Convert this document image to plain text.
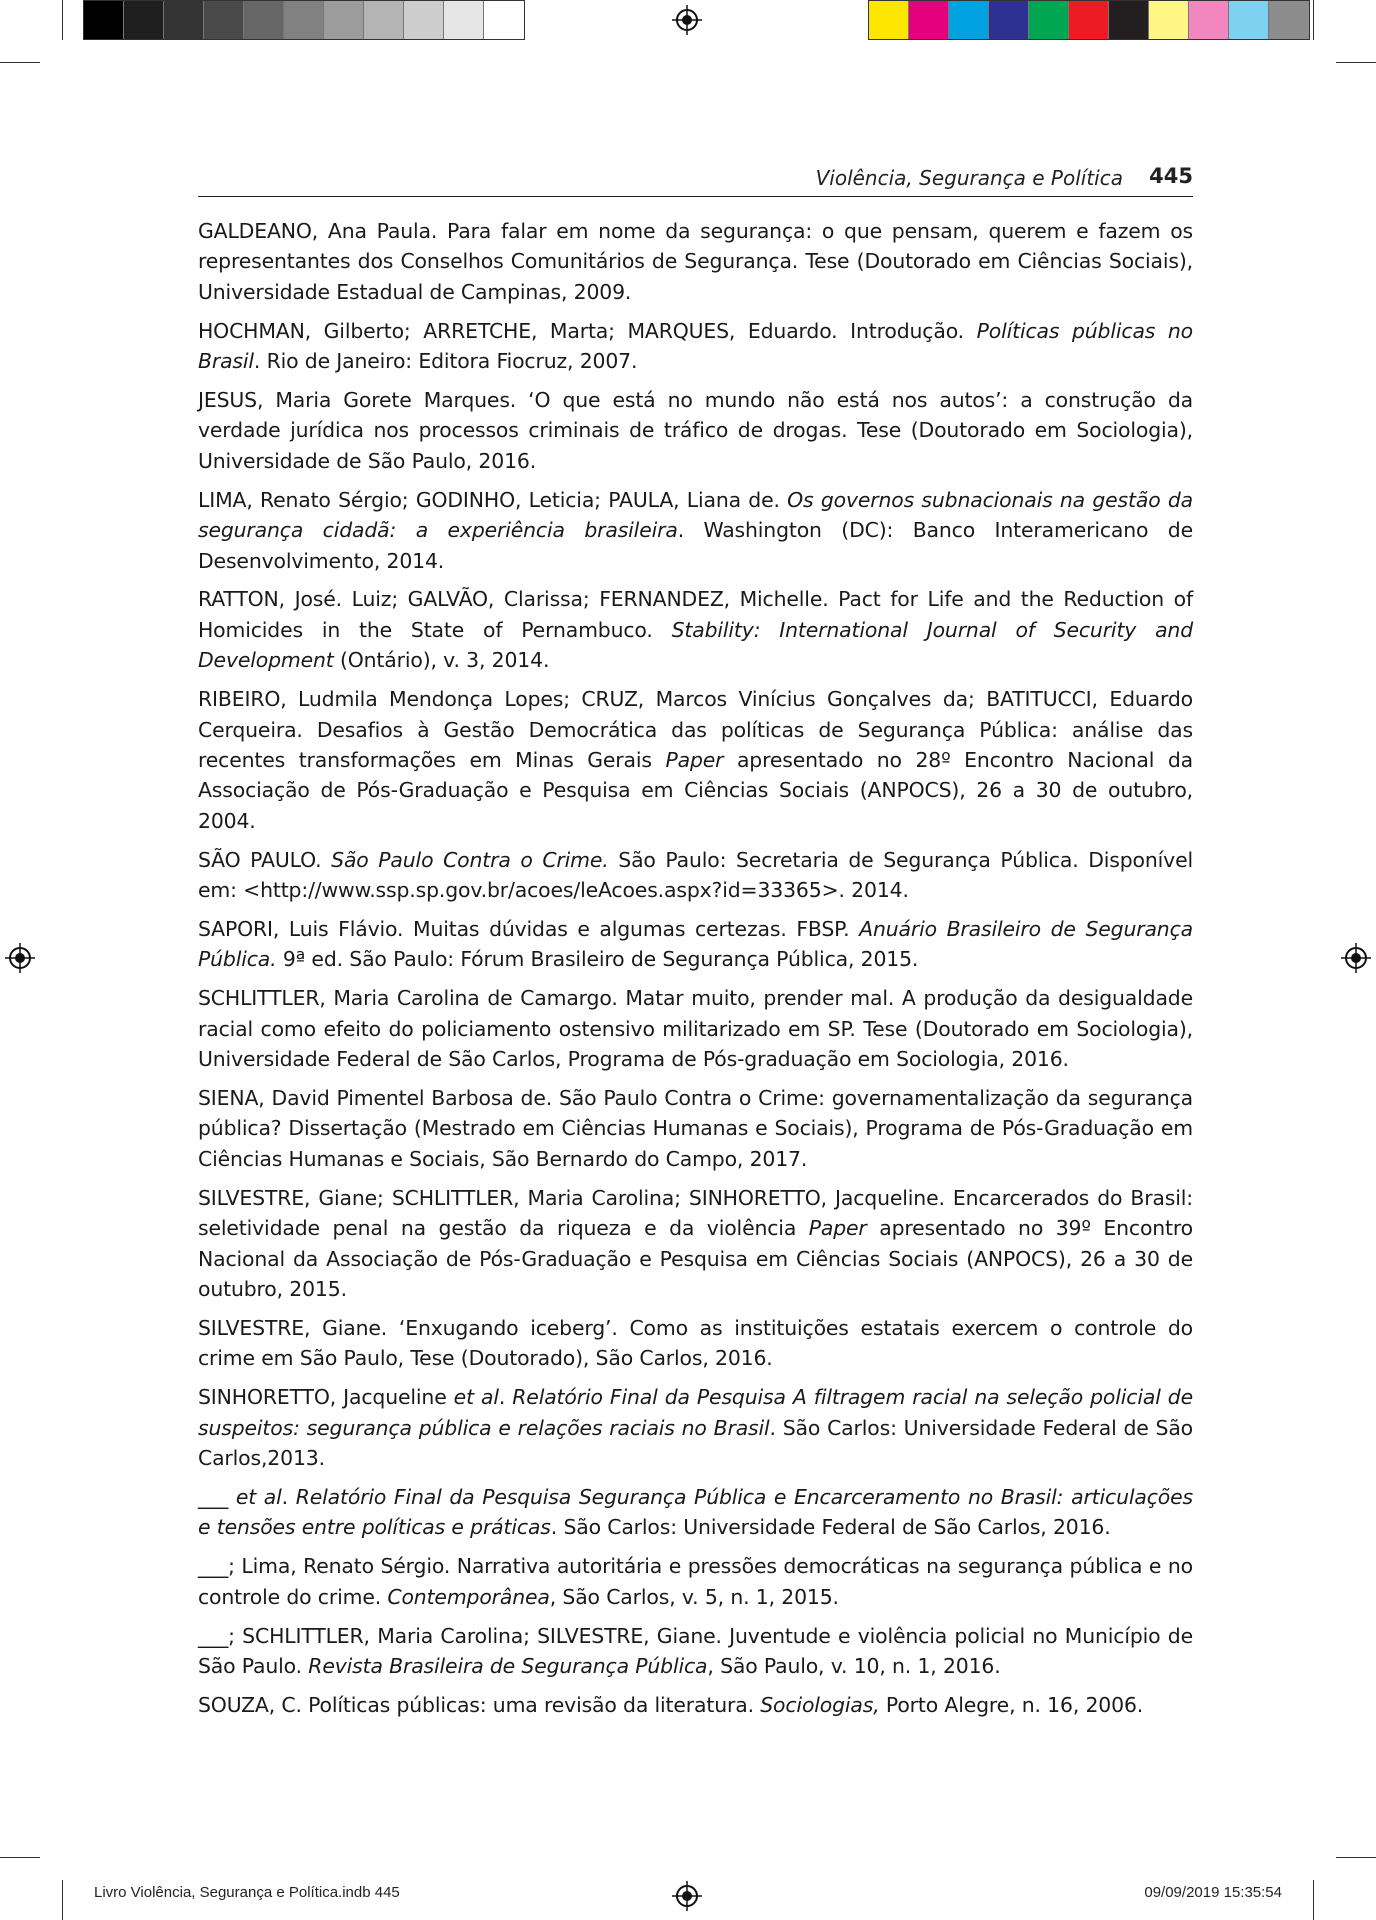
Violência, Segurança e Política 445

GALDEANO, Ana Paula. Para falar em nome da segurança: o que pensam, querem e fazem os representantes dos Conselhos Comunitários de Segurança. Tese (Doutorado em Ciências Sociais), Universidade Estadual de Campinas, 2009.

HOCHMAN, Gilberto; ARRETCHE, Marta; MARQUES, Eduardo. Introdução. Políticas públicas no Brasil. Rio de Janeiro: Editora Fiocruz, 2007.

JESUS, Maria Gorete Marques. ‘O que está no mundo não está nos autos’: a construção da verdade jurídica nos processos criminais de tráfico de drogas. Tese (Doutorado em Sociologia), Universidade de São Paulo, 2016.

LIMA, Renato Sérgio; GODINHO, Leticia; PAULA, Liana de. Os governos subnacionais na gestão da segurança cidadã: a experiência brasileira. Washington (DC): Banco Interamericano de Desenvolvimento, 2014.

RATTON, José. Luiz; GALVÃO, Clarissa; FERNANDEZ, Michelle. Pact for Life and the Reduction of Homicides in the State of Pernambuco. Stability: International Journal of Security and Development (Ontário), v. 3, 2014.

RIBEIRO, Ludmila Mendonça Lopes; CRUZ, Marcos Vinícius Gonçalves da; BATITUCCI, Eduardo Cerqueira. Desafios à Gestão Democrática das políticas de Segurança Pública: análise das recentes transformações em Minas Gerais Paper apresentado no 28º Encontro Nacional da Associação de Pós-Graduação e Pesquisa em Ciências Sociais (ANPOCS), 26 a 30 de outubro, 2004.

SÃO PAULO. São Paulo Contra o Crime. São Paulo: Secretaria de Segurança Pública. Disponível em: <http://www.ssp.sp.gov.br/acoes/leAcoes.aspx?id=33365>. 2014.

SAPORI, Luis Flávio. Muitas dúvidas e algumas certezas. FBSP. Anuário Brasileiro de Segurança Pública. 9ª ed. São Paulo: Fórum Brasileiro de Segurança Pública, 2015.

SCHLITTLER, Maria Carolina de Camargo. Matar muito, prender mal. A produção da desigualdade racial como efeito do policiamento ostensivo militarizado em SP. Tese (Doutorado em Sociologia), Universidade Federal de São Carlos, Programa de Pós-graduação em Sociologia, 2016.

SIENA, David Pimentel Barbosa de. São Paulo Contra o Crime: governamentalização da segurança pública? Dissertação (Mestrado em Ciências Humanas e Sociais), Programa de Pós-Graduação em Ciências Humanas e Sociais, São Bernardo do Campo, 2017.

SILVESTRE, Giane; SCHLITTLER, Maria Carolina; SINHORETTO, Jacqueline. Encarcerados do Brasil: seletividade penal na gestão da riqueza e da violência Paper apresentado no 39º Encontro Nacional da Associação de Pós-Graduação e Pesquisa em Ciências Sociais (ANPOCS), 26 a 30 de outubro, 2015.

SILVESTRE, Giane. ‘Enxugando iceberg’. Como as instituições estatais exercem o controle do crime em São Paulo, Tese (Doutorado), São Carlos, 2016.

SINHORETTO, Jacqueline et al. Relatório Final da Pesquisa A filtragem racial na seleção policial de suspeitos: segurança pública e relações raciais no Brasil. São Carlos: Universidade Federal de São Carlos,2013.

___ et al. Relatório Final da Pesquisa Segurança Pública e Encarceramento no Brasil: articulações e tensões entre políticas e práticas. São Carlos: Universidade Federal de São Carlos, 2016.

___; Lima, Renato Sérgio. Narrativa autoritária e pressões democráticas na segurança pública e no controle do crime. Contemporânea, São Carlos, v. 5, n. 1, 2015.

___; SCHLITTLER, Maria Carolina; SILVESTRE, Giane. Juventude e violência policial no Município de São Paulo. Revista Brasileira de Segurança Pública, São Paulo, v. 10, n. 1, 2016.

SOUZA, C. Políticas públicas: uma revisão da literatura. Sociologias, Porto Alegre, n. 16, 2006.

Livro Violência, Segurança e Política.indb 445	09/09/2019 15:35:54
